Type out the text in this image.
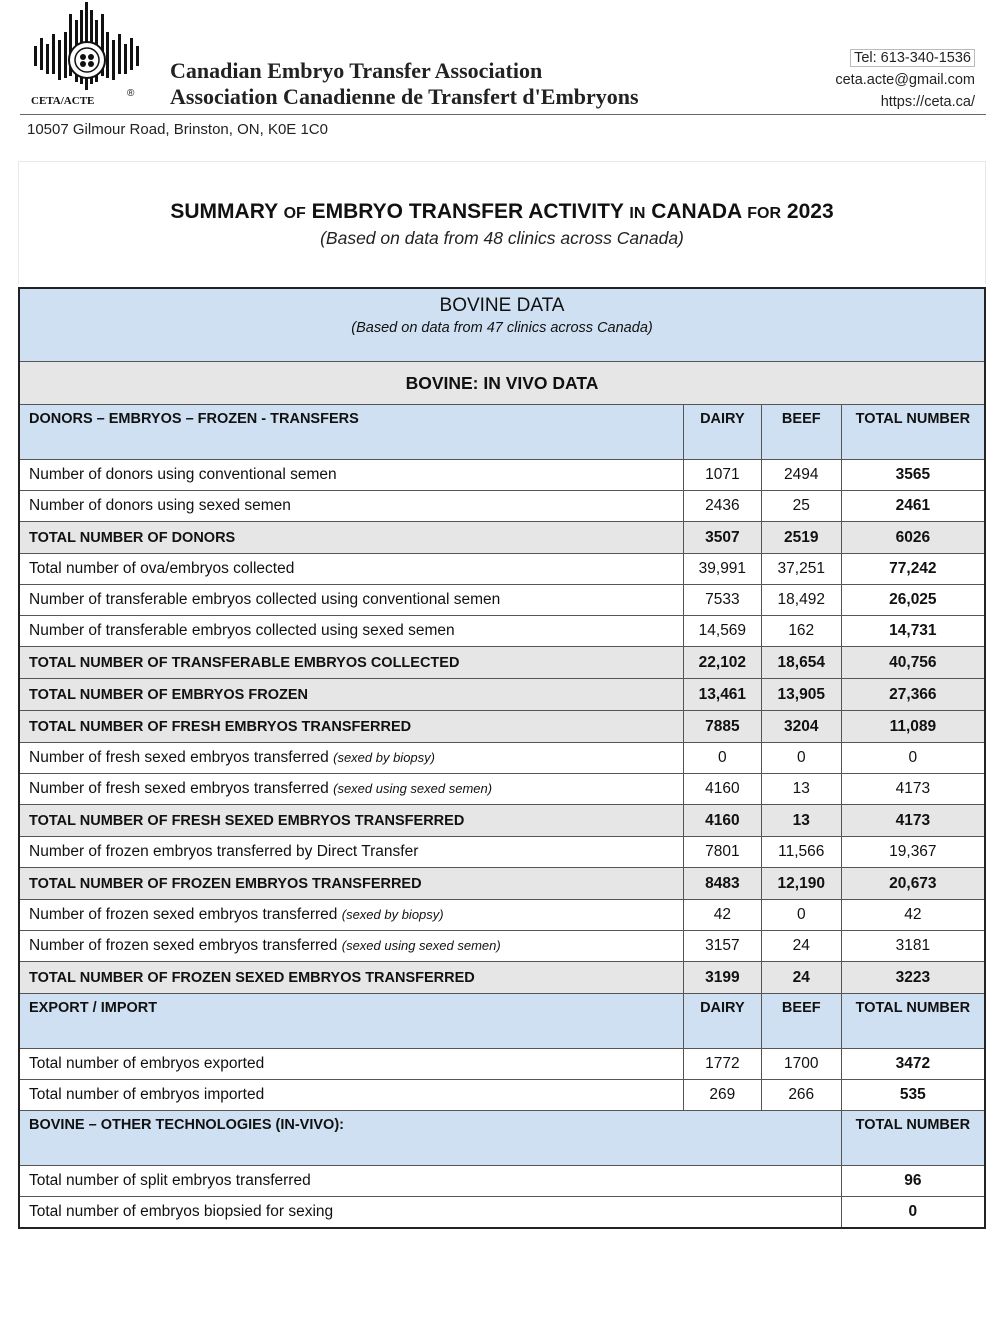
CETA/ACTE
®
Canadian Embryo Transfer Association
Association Canadienne de Transfert d'Embryons
Tel: 613-340-1536
ceta.acte@gmail.com
https://ceta.ca/
10507 Gilmour Road, Brinston, ON, K0E 1C0
SUMMARY OF EMBRYO TRANSFER ACTIVITY IN CANADA FOR 2023
(Based on data from 48 clinics across Canada)
BOVINE DATA
(Based on data from 47 clinics across Canada)			

BOVINE: IN VIVO DATA			
DONORS – EMBRYOS – FROZEN - TRANSFERS	DAIRY	BEEF	TOTAL NUMBER
Number of donors using conventional semen	1071	2494	3565
Number of donors using sexed semen	2436	25	2461
TOTAL NUMBER OF DONORS	3507	2519	6026
Total number of ova/embryos collected	39,991	37,251	77,242
Number of transferable embryos collected using conventional semen	7533	18,492	26,025
Number of transferable embryos collected using sexed semen	14,569	162	14,731
TOTAL NUMBER OF TRANSFERABLE EMBRYOS COLLECTED	22,102	18,654	40,756
TOTAL NUMBER OF EMBRYOS FROZEN	13,461	13,905	27,366
TOTAL NUMBER OF FRESH EMBRYOS TRANSFERRED	7885	3204	11,089
Number of fresh sexed embryos transferred (sexed by biopsy)	0	0	0
Number of fresh sexed embryos transferred (sexed using sexed semen)	4160	13	4173
TOTAL NUMBER OF FRESH SEXED EMBRYOS TRANSFERRED	4160	13	4173
Number of frozen embryos transferred by Direct Transfer	7801	11,566	19,367
TOTAL NUMBER OF FROZEN EMBRYOS TRANSFERRED	8483	12,190	20,673
Number of frozen sexed embryos transferred (sexed by biopsy)	42	0	42
Number of frozen sexed embryos transferred (sexed using sexed semen)	3157	24	3181
TOTAL NUMBER OF FROZEN SEXED EMBRYOS TRANSFERRED	3199	24	3223
EXPORT / IMPORT	DAIRY	BEEF	TOTAL NUMBER
Total number of embryos exported	1772	1700	3472
Total number of embryos imported	269	266	535
BOVINE – OTHER TECHNOLOGIES (IN-VIVO):			TOTAL NUMBER
Total number of split embryos transferred			96
Total number of embryos biopsied for sexing			0
